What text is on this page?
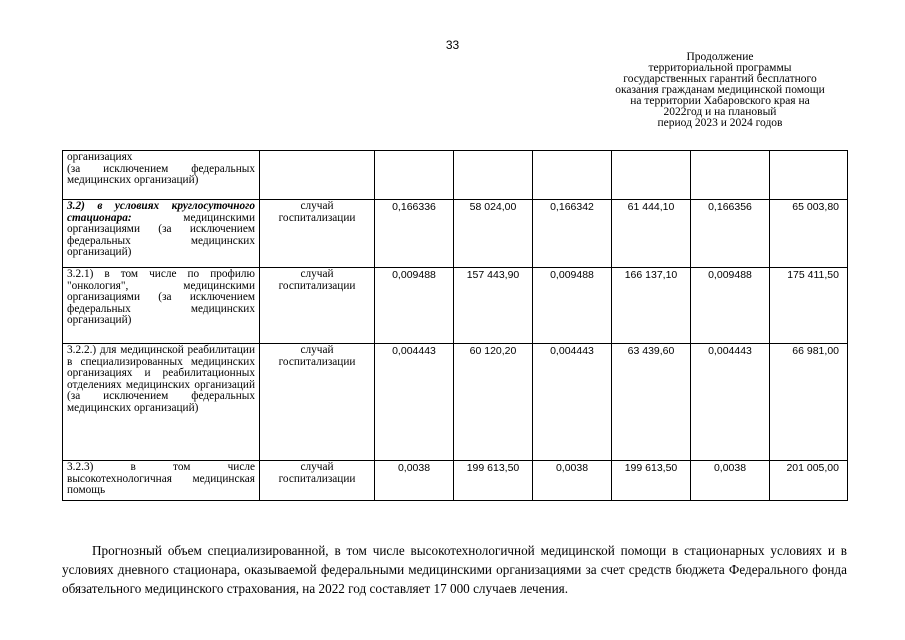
33
Продолжение
территориальной программы
государственных гарантий бесплатного
оказания гражданам медицинской помощи
на территории Хабаровского края на
2022год и на плановый
период 2023 и 2024 годов
организациях
(за исключением федеральных медицинских организаций)							
3.2) в условиях круглосуточного стационара: медицинскими организациями (за исключением федеральных медицинских организаций)	случай госпитализации	0,166336	58 024,00	0,166342	61 444,10	0,166356	65 003,80
3.2.1) в том числе по профилю "онкология", медицинскими организациями (за исключением федеральных медицинских организаций)	случай госпитализации	0,009488	157 443,90	0,009488	166 137,10	0,009488	175 411,50
3.2.2.) для медицинской реабилитации в специализированных медицинских организациях и реабилитационных отделениях медицинских организаций (за исключением федеральных медицинских организаций)	случай госпитализации	0,004443	60 120,20	0,004443	63 439,60	0,004443	66 981,00
3.2.3) в том числе высокотехнологичная медицинская помощь	случай госпитализации	0,0038	199 613,50	0,0038	199 613,50	0,0038	201 005,00

Прогнозный объем специализированной, в том числе высокотехнологичной медицинской помощи в стационарных условиях и в условиях дневного стационара, оказываемой федеральными медицинскими организациями за счет средств бюджета Федерального фонда обязательного медицинского страхования, на 2022 год составляет 17 000 случаев лечения.
